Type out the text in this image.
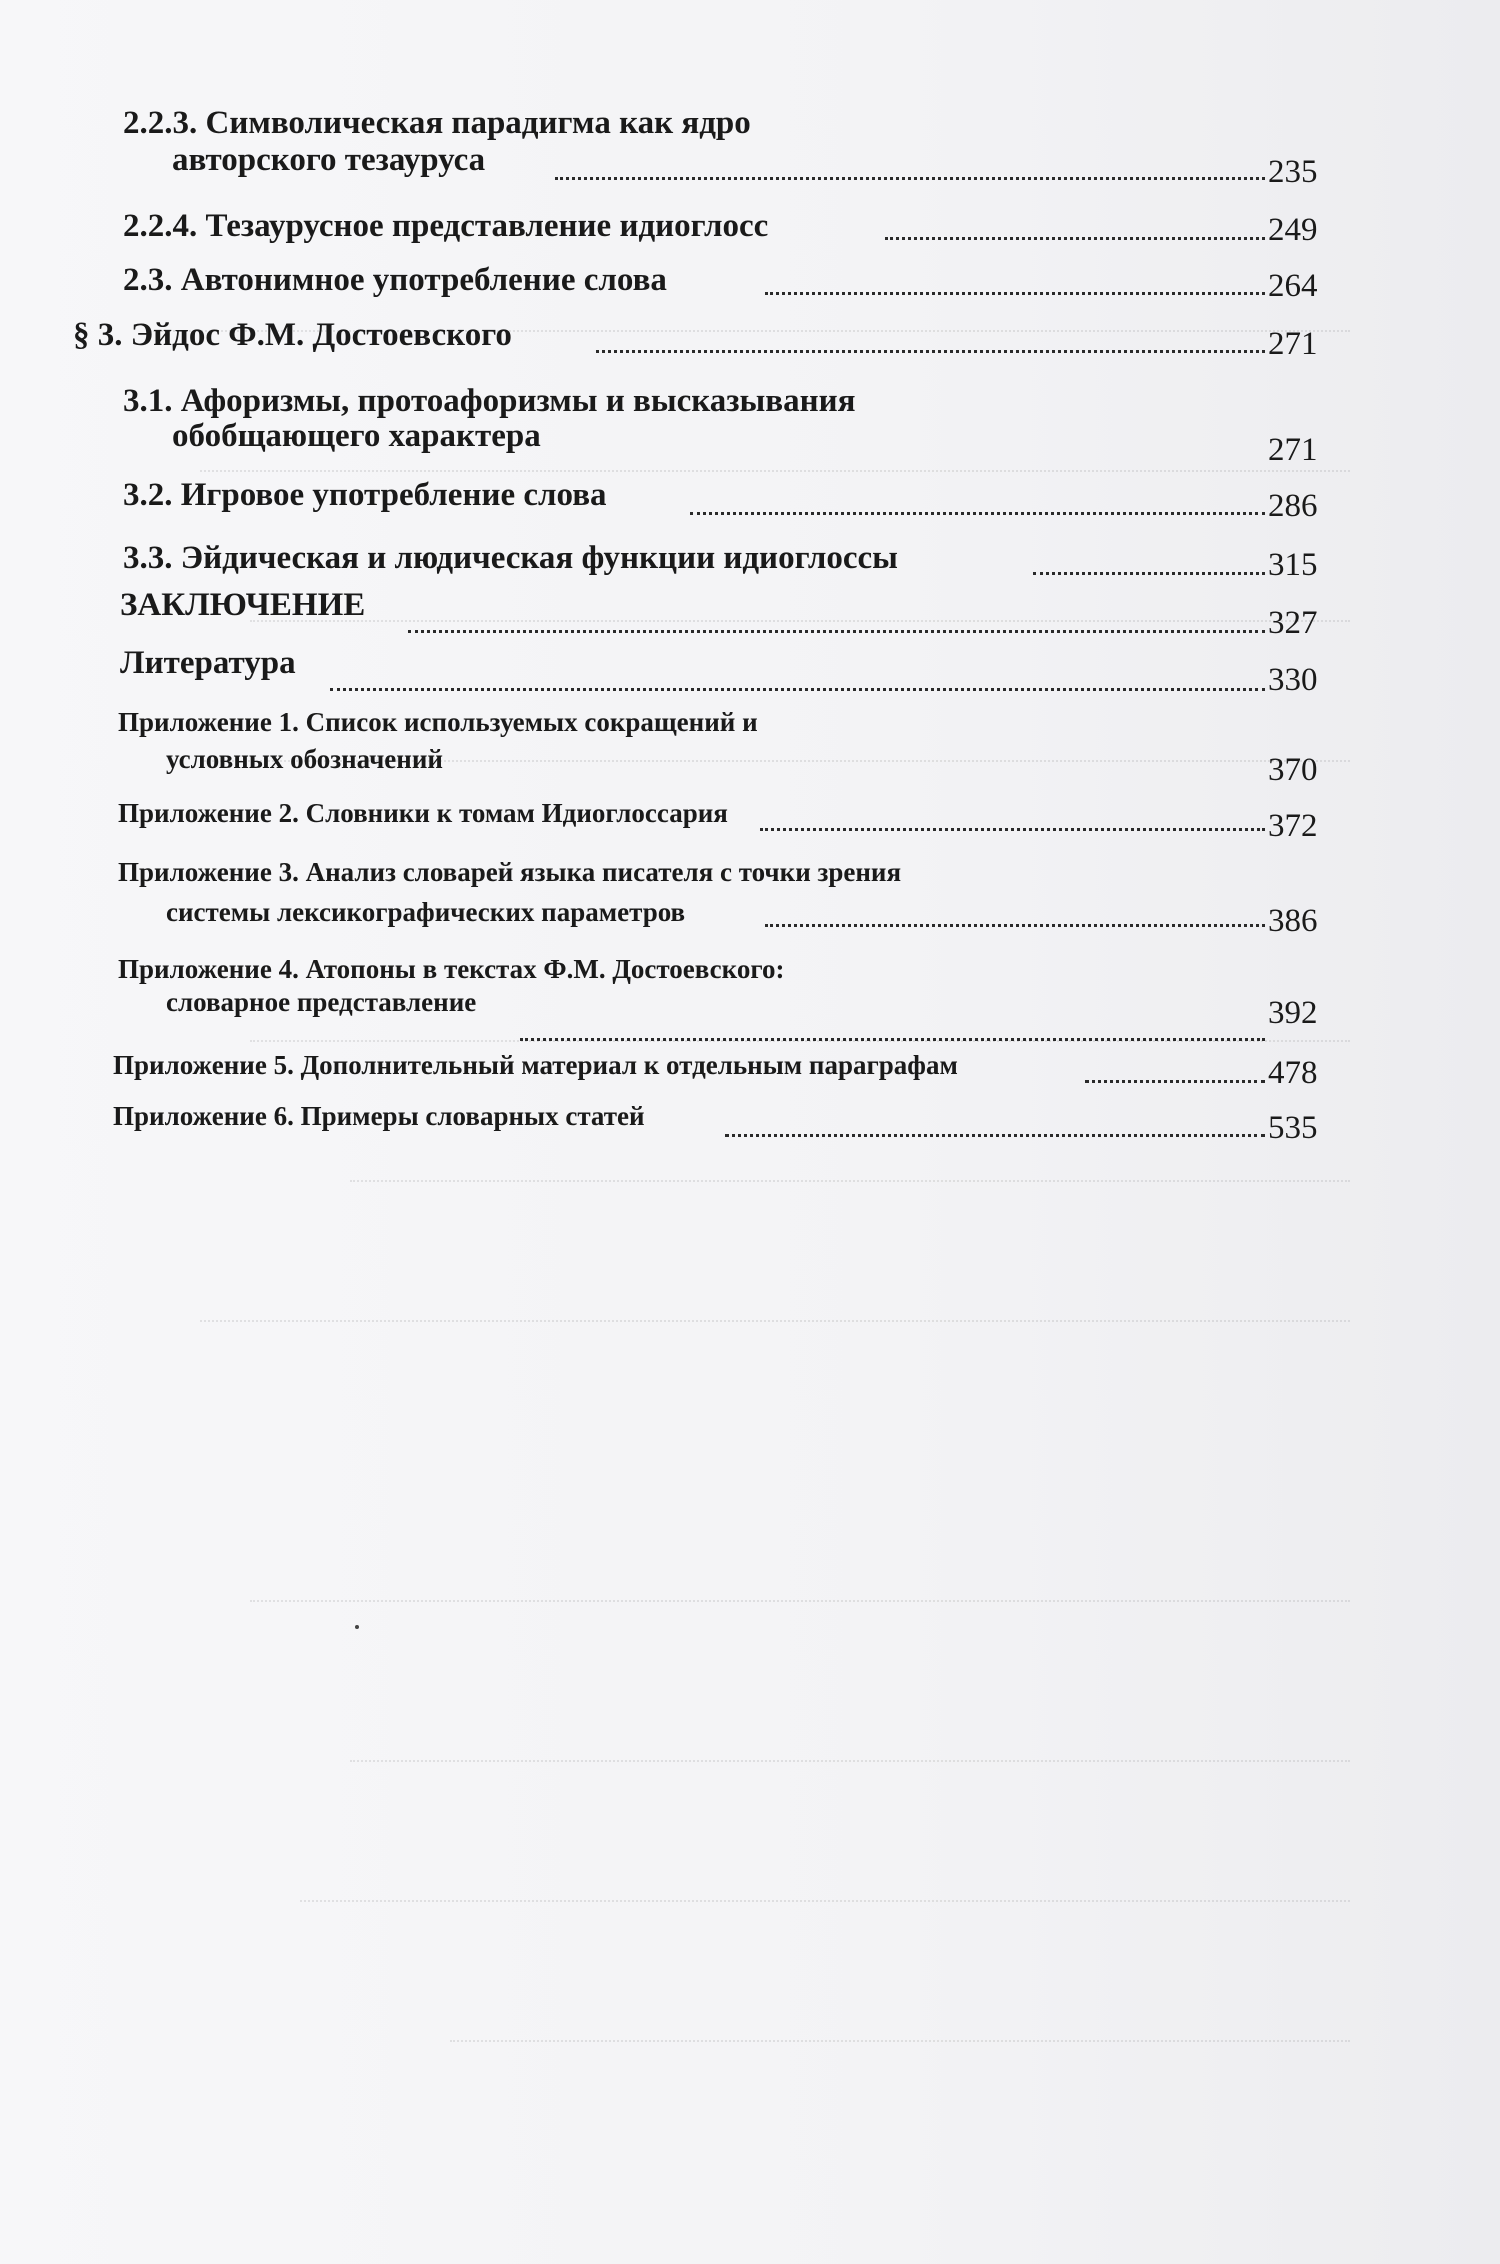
2.2.3. Символическая парадигма как ядро
авторского тезауруса	235
2.2.4. Тезаурусное представление идиоглосс	249
2.3. Автонимное употребление слова	264
§ 3. Эйдос Ф.М. Достоевского	271
3.1. Афоризмы, протоафоризмы и высказывания
обобщающего характера	271
3.2. Игровое употребление слова	286
3.3. Эйдическая и людическая функции идиоглоссы	315
ЗАКЛЮЧЕНИЕ	327
Литература	330
Приложение 1. Список используемых сокращений и
условных обозначений	370
Приложение 2. Словники к томам Идиоглоссария	372
Приложение 3. Анализ словарей языка писателя с точки зрения
системы лексикографических параметров	386
Приложение 4. Атопоны в текстах Ф.М. Достоевского:
словарное представление	392
Приложение 5. Дополнительный материал к отдельным параграфам	478
Приложение 6. Примеры словарных статей	535
